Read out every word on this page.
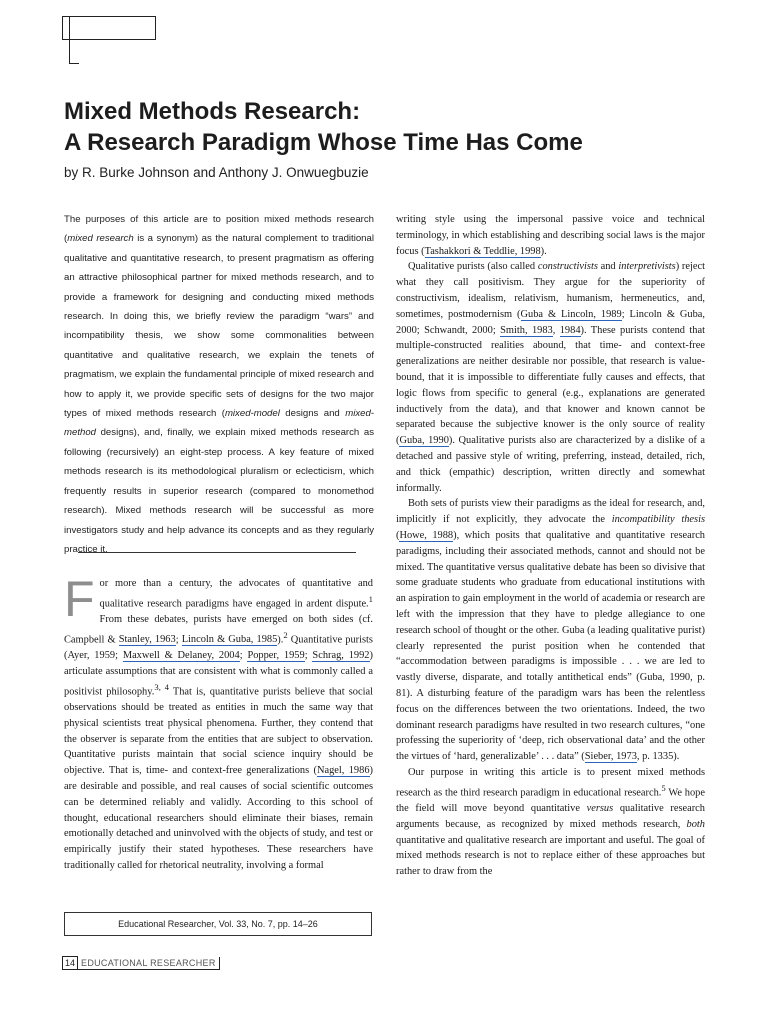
Mixed Methods Research:
A Research Paradigm Whose Time Has Come

by R. Burke Johnson and Anthony J. Onwuegbuzie

The purposes of this article are to position mixed methods research (mixed research is a synonym) as the natural complement to traditional qualitative and quantitative research, to present pragmatism as offering an attractive philosophical partner for mixed methods research, and to provide a framework for designing and conducting mixed methods research. In doing this, we briefly review the paradigm “wars” and incompatibility thesis, we show some commonalities between quantitative and qualitative research, we explain the tenets of pragmatism, we explain the fundamental principle of mixed research and how to apply it, we provide specific sets of designs for the two major types of mixed methods research (mixed-model designs and mixed-method designs), and, finally, we explain mixed methods research as following (recursively) an eight-step process. A key feature of mixed methods research is its methodological pluralism or eclecticism, which frequently results in superior research (compared to monomethod research). Mixed methods research will be successful as more investigators study and help advance its concepts and as they regularly practice it.

For more than a century, the advocates of quantitative and qualitative research paradigms have engaged in ardent dispute.$^1$ From these debates, purists have emerged on both sides (cf. Campbell & Stanley, 1963; Lincoln & Guba, 1985).$^2$ Quantitative purists (Ayer, 1959; Maxwell & Delaney, 2004; Popper, 1959; Schrag, 1992) articulate assumptions that are consistent with what is commonly called a positivist philosophy.$^{3, 4}$ That is, quantitative purists believe that social observations should be treated as entities in much the same way that physical scientists treat physical phenomena. Further, they contend that the observer is separate from the entities that are subject to observation. Quantitative purists maintain that social science inquiry should be objective. That is, time- and context-free generalizations (Nagel, 1986) are desirable and possible, and real causes of social scientific outcomes can be determined reliably and validly. According to this school of thought, educational researchers should eliminate their biases, remain emotionally detached and uninvolved with the objects of study, and test or empirically justify their stated hypotheses. These researchers have traditionally called for rhetorical neutrality, involving a formal

writing style using the impersonal passive voice and technical terminology, in which establishing and describing social laws is the major focus (Tashakkori & Teddlie, 1998).

Qualitative purists (also called constructivists and interpretivists) reject what they call positivism. They argue for the superiority of constructivism, idealism, relativism, humanism, hermeneutics, and, sometimes, postmodernism (Guba & Lincoln, 1989; Lincoln & Guba, 2000; Schwandt, 2000; Smith, 1983, 1984). These purists contend that multiple-constructed realities abound, that time- and context-free generalizations are neither desirable nor possible, that research is value-bound, that it is impossible to differentiate fully causes and effects, that logic flows from specific to general (e.g., explanations are generated inductively from the data), and that knower and known cannot be separated because the subjective knower is the only source of reality (Guba, 1990). Qualitative purists also are characterized by a dislike of a detached and passive style of writing, preferring, instead, detailed, rich, and thick (empathic) description, written directly and somewhat informally.

Both sets of purists view their paradigms as the ideal for research, and, implicitly if not explicitly, they advocate the incompatibility thesis (Howe, 1988), which posits that qualitative and quantitative research paradigms, including their associated methods, cannot and should not be mixed. The quantitative versus qualitative debate has been so divisive that some graduate students who graduate from educational institutions with an aspiration to gain employment in the world of academia or research are left with the impression that they have to pledge allegiance to one research school of thought or the other. Guba (a leading qualitative purist) clearly represented the purist position when he contended that “accommodation between paradigms is impossible . . . we are led to vastly diverse, disparate, and totally antithetical ends” (Guba, 1990, p. 81). A disturbing feature of the paradigm wars has been the relentless focus on the differences between the two orientations. Indeed, the two dominant research paradigms have resulted in two research cultures, “one professing the superiority of ‘deep, rich observational data’ and the other the virtues of ‘hard, generalizable’ . . . data” (Sieber, 1973, p. 1335).

Our purpose in writing this article is to present mixed methods research as the third research paradigm in educational research.$^5$ We hope the field will move beyond quantitative versus qualitative research arguments because, as recognized by mixed methods research, both quantitative and qualitative research are important and useful. The goal of mixed methods research is not to replace either of these approaches but rather to draw from the

Educational Researcher, Vol. 33, No. 7, pp. 14–26
14 EDUCATIONAL RESEARCHER
